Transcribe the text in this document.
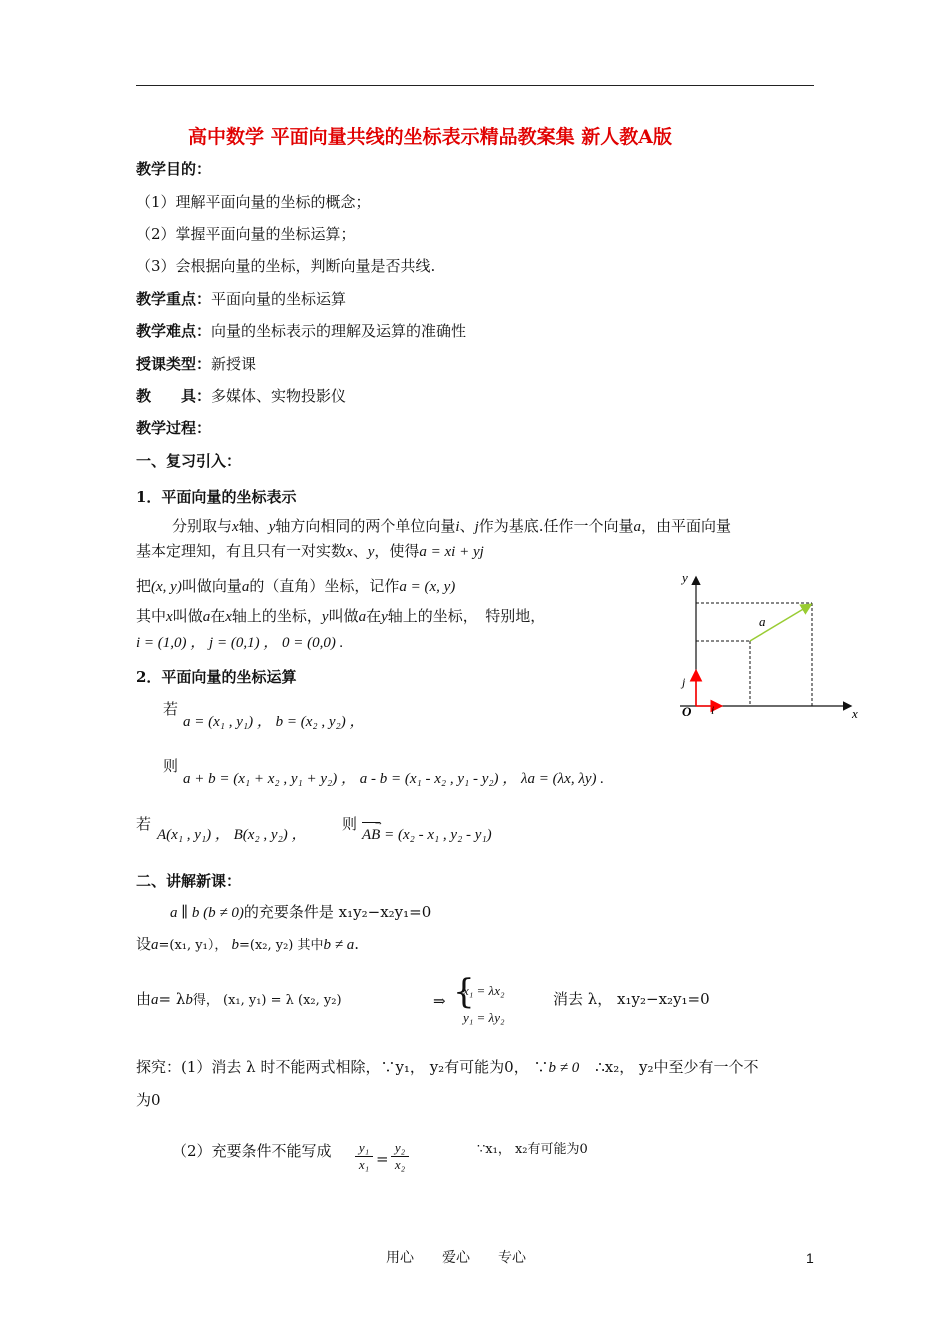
高中数学 平面向量共线的坐标表示精品教案集 新人教A版
教学目的：
（1）理解平面向量的坐标的概念；
（2）掌握平面向量的坐标运算；
（3）会根据向量的坐标，判断向量是否共线.
教学重点：平面向量的坐标运算
教学难点：向量的坐标表示的理解及运算的准确性
授课类型：新授课
教　　具：多媒体、实物投影仪
教学过程：
一、复习引入：
1．平面向量的坐标表示
分别取与x轴、y轴方向相同的两个单位向量i、j作为基底.任作一个向量a，由平面向量
基本定理知，有且只有一对实数x、y，使得a = xi + yj
把(x, y)叫做向量a的（直角）坐标，记作a = (x, y)
其中x叫做a在x轴上的坐标，y叫做a在y轴上的坐标，　特别地，
i = (1,0) ， j = (0,1) ， 0 = (0,0) .
2．平面向量的坐标运算
若
a = (x₁ , y₁) ， b = (x₂ , y₂) ，
则
a + b = (x₁ + x₂ , y₁ + y₂) ， a - b = (x₁ - x₂ , y₁ - y₂) ， λa = (λx, λy) .
若
A(x₁ , y₁) ， B(x₂ , y₂) ，
则 →
AB = (x₂ - x₁ , y₂ - y₁)
二、讲解新课：
a ∥ b (b ≠ 0)的充要条件是 x₁y₂−x₂y₁=0
设a=(x₁, y₁）， b=(x₂, y₂) 其中b ≠ a.
由a= λb得， (x₁, y₁) = λ (x₂, y₂)	⇒ {
x₁ = λx₂
y₁ = λy₂
消去 λ， x₁y₂−x₂y₁=0
探究：(1）消去 λ 时不能两式相除，∵y₁， y₂有可能为0， ∵b ≠ 0 ∴x₂， y₂中至少有一个不
为0
（2）充要条件不能写成 $\frac{\text{y₁}}{\text{x₁}} = \frac{\text{y₂}}{\text{x₂}}$	∵x₁， x₂有可能为0
y
x
O i
j
a
用心　　爱心　　专心	1
